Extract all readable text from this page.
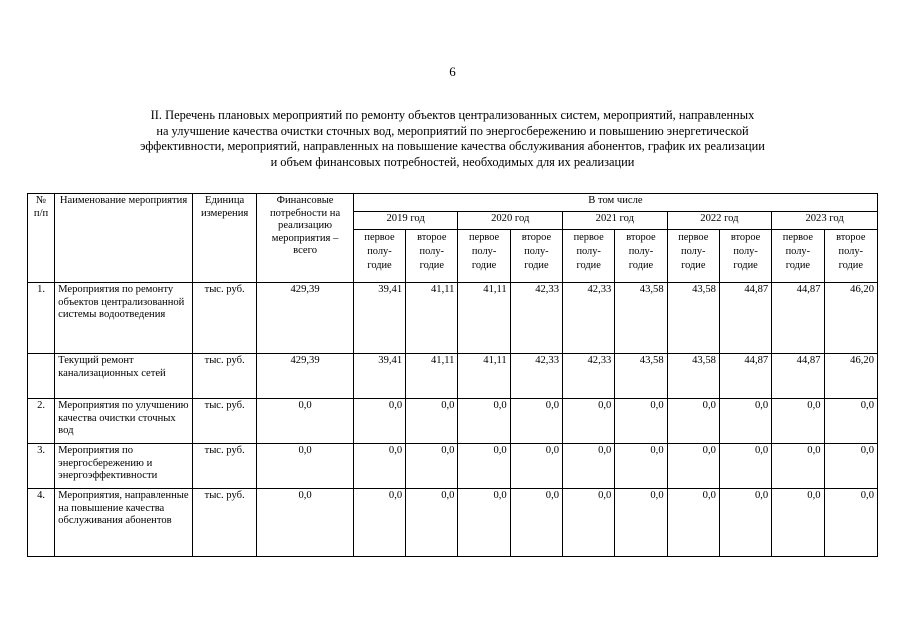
6
II. Перечень плановых мероприятий по ремонту объектов централизованных систем, мероприятий, направленных
на улучшение качества очистки сточных вод, мероприятий по энергосбережению и повышению энергетической
эффективности, мероприятий, направленных на повышение качества обслуживания абонентов, график их реализации
и объем финансовых потребностей, необходимых для их реализации
№ п/п	Наименование мероприятия	Единица измерения	Финансовые потребности на реализацию мероприятия – всего	В том числе									
				2019 год		2020 год		2021 год		2022 год		2023 год	
				первое полу-годие	второе полу-годие	первое полу-годие	второе полу-годие	первое полу-годие	второе полу-годие	первое полу-годие	второе полу-годие	первое полу-годие	второе полу-годие
1.	Мероприятия по ремонту объектов централизованной системы водоотведения	тыс. руб.	429,39	39,41	41,11	41,11	42,33	42,33	43,58	43,58	44,87	44,87	46,20
	Текущий ремонт канализационных сетей	тыс. руб.	429,39	39,41	41,11	41,11	42,33	42,33	43,58	43,58	44,87	44,87	46,20
2.	Мероприятия по улучшению качества очистки сточных вод	тыс. руб.	0,0	0,0	0,0	0,0	0,0	0,0	0,0	0,0	0,0	0,0	0,0
3.	Мероприятия по энергосбережению и энергоэффективности	тыс. руб.	0,0	0,0	0,0	0,0	0,0	0,0	0,0	0,0	0,0	0,0	0,0
4.	Мероприятия, направленные на повышение качества обслуживания абонентов	тыс. руб.	0,0	0,0	0,0	0,0	0,0	0,0	0,0	0,0	0,0	0,0	0,0
